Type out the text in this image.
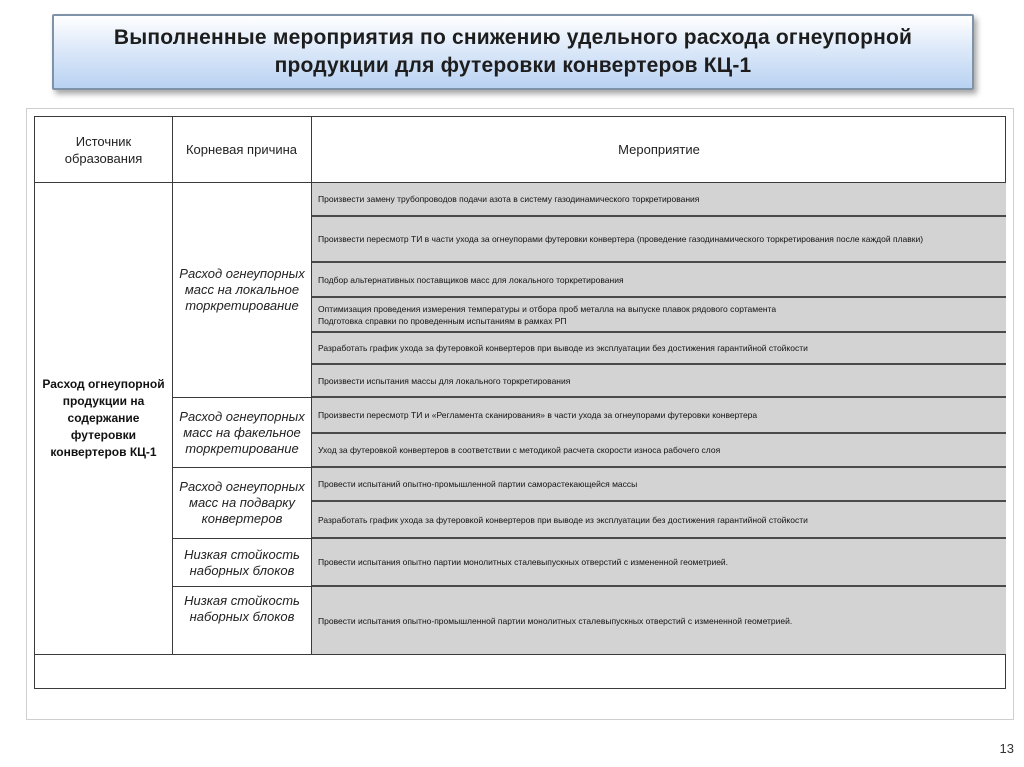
Выполненные мероприятия по снижению удельного расхода огнеупорной
продукции для футеровки конвертеров КЦ-1
Источник
образования
Корневая причина	Мероприятие
Расход огнеупорной продукции на содержание футеровки конвертеров КЦ-1
Расход огнеупорных масс на локальное торкретирование
Расход огнеупорных масс на факельное торкретирование
Расход огнеупорных масс на подварку конвертеров
Низкая стойкость наборных блоков
Низкая стойкость наборных блоков
Произвести замену трубопроводов подачи азота в систему газодинамического торкретирования
Произвести пересмотр ТИ в части ухода за огнеупорами футеровки конвертера (проведение газодинамического торкретирования после каждой плавки)
Подбор альтернативных поставщиков масс для локального торкретирования
Оптимизация проведения измерения температуры и отбора проб металла на выпуске плавок рядового сортамента
Подготовка справки по проведенным испытаниям в рамках РП
Разработать график ухода за футеровкой конвертеров при выводе из эксплуатации без достижения гарантийной стойкости
Произвести испытания массы для локального торкретирования
Произвести пересмотр ТИ и «Регламента сканирования» в части ухода за огнеупорами футеровки конвертера
Уход за футеровкой конвертеров в соответствии с методикой расчета скорости износа рабочего слоя
Провести испытаний опытно-промышленной партии саморастекающейся массы
Разработать график ухода за футеровкой конвертеров при выводе из эксплуатации без достижения гарантийной стойкости
Провести испытания опытно партии монолитных сталевыпускных отверстий с измененной геометрией.
Провести испытания опытно-промышленной партии монолитных сталевыпускных отверстий с измененной геометрией.
13
